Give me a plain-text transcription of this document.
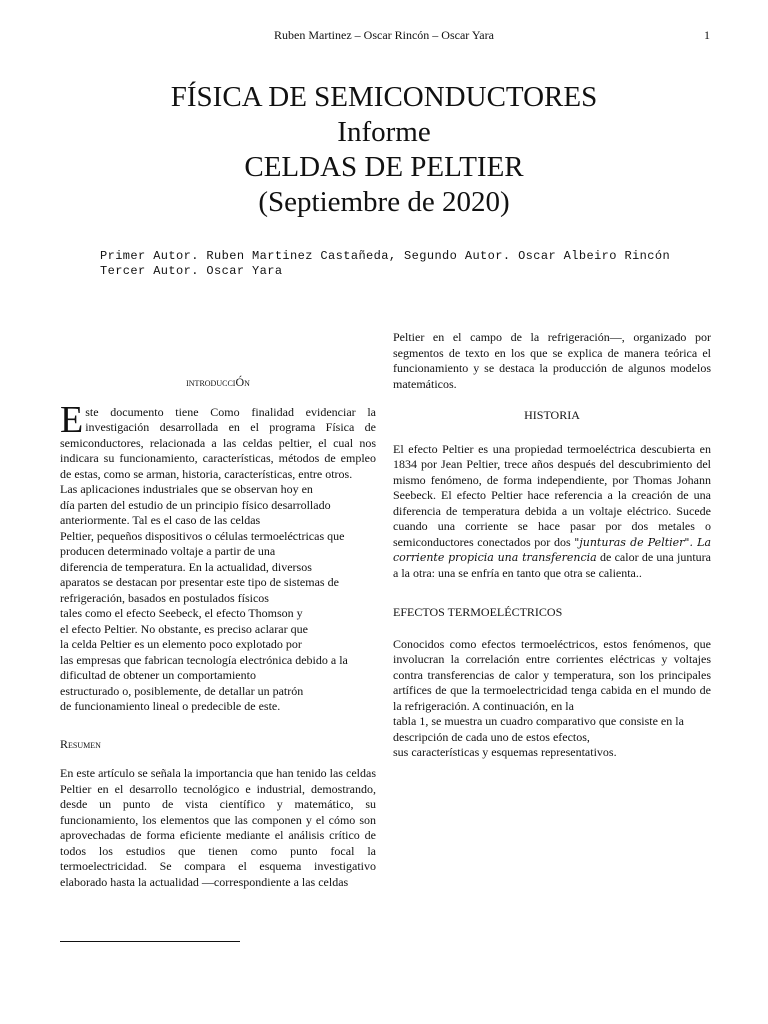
Ruben Martinez – Oscar Rincón – Oscar Yara	1
FÍSICA DE SEMICONDUCTORES
Informe
CELDAS DE PELTIER
(Septiembre de 2020)
Primer Autor. Ruben Martinez Castañeda, Segundo Autor. Oscar Albeiro Rincón
Tercer Autor. Oscar Yara
introducciÓn

E ste documento tiene Como finalidad evidenciar la investigación desarrollada en el programa Física de semiconductores, relacionada a las celdas peltier, el cual nos indicara su funcionamiento, características, métodos de empleo de estas, como se arman, historia, características, entre otros.

Las aplicaciones industriales que se observan hoy en
día parten del estudio de un principio físico desarrollado
anteriormente. Tal es el caso de las celdas
Peltier, pequeños dispositivos o células termoeléctricas que
producen determinado voltaje a partir de una
diferencia de temperatura. En la actualidad, diversos
aparatos se destacan por presentar este tipo de sistemas de
refrigeración, basados en postulados físicos
tales como el efecto Seebeck, el efecto Thomson y
el efecto Peltier. No obstante, es preciso aclarar que
la celda Peltier es un elemento poco explotado por
las empresas que fabrican tecnología electrónica debido a la
dificultad de obtener un comportamiento
estructurado o, posiblemente, de detallar un patrón
de funcionamiento lineal o predecible de este.
Resumen

En este artículo se señala la importancia que han tenido las celdas Peltier en el desarrollo tecnológico e industrial, demostrando, desde un punto de vista científico y matemático, su funcionamiento, los elementos que las componen y el cómo son aprovechadas de forma eficiente mediante el análisis crítico de todos los estudios que tienen como punto focal la termoelectricidad. Se compara el esquema investigativo elaborado hasta la actualidad —correspondiente a las celdas

Peltier en el campo de la refrigeración—, organizado por segmentos de texto en los que se explica de manera teórica el funcionamiento y se destaca la producción de algunos modelos matemáticos.

HISTORIA

El efecto Peltier es una propiedad termoeléctrica descubierta en 1834 por Jean Peltier, trece años después del descubrimiento del mismo fenómeno, de forma independiente, por Thomas Johann Seebeck. El efecto Peltier hace referencia a la creación de una diferencia de temperatura debida a un voltaje eléctrico. Sucede cuando una corriente se hace pasar por dos metales o semiconductores conectados por dos "junturas de Peltier". La corriente propicia una transferencia de calor de una juntura a la otra: una se enfría en tanto que otra se calienta..

EFECTOS TERMOELÉCTRICOS

Conocidos como efectos termoeléctricos, estos fenómenos, que involucran la correlación entre corrientes eléctricas y voltajes contra transferencias de calor y temperatura, son los principales artífices de que la termoelectricidad tenga cabida en el mundo de la refrigeración. A continuación, en la

tabla 1, se muestra un cuadro comparativo que consiste en la
descripción de cada uno de estos efectos,
sus características y esquemas representativos.
